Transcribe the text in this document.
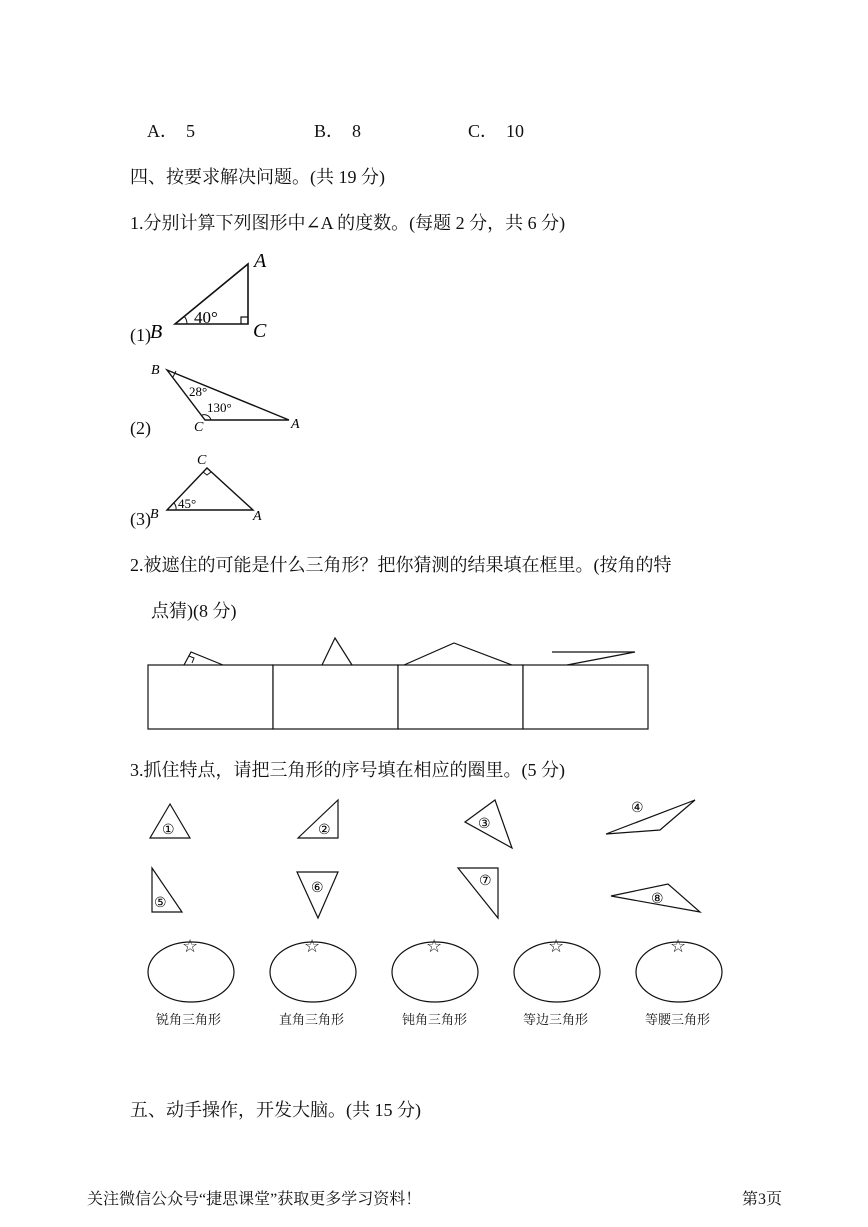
A． 5	B． 8	C． 10
四、按要求解决问题。(共 19 分)
1.分别计算下列图形中∠A 的度数。(每题 2 分，共 6 分)
(1)
40°
B
A
C
(2)
28°
130°
B
C	A
(3)
45°
C
B	A
2.被遮住的可能是什么三角形？把你猜测的结果填在框里。(按角的特
点猜)(8 分)
3.抓住特点，请把三角形的序号填在相应的圈里。(5 分)
①	②	③
④
⑤
⑥	⑦
⑧
☆	☆	☆	☆	☆
锐角三角形	直角三角形	钝角三角形	等边三角形	等腰三角形
五、动手操作，开发大脑。(共 15 分)
关注微信公众号“捷思课堂”获取更多学习资料！	第3页
